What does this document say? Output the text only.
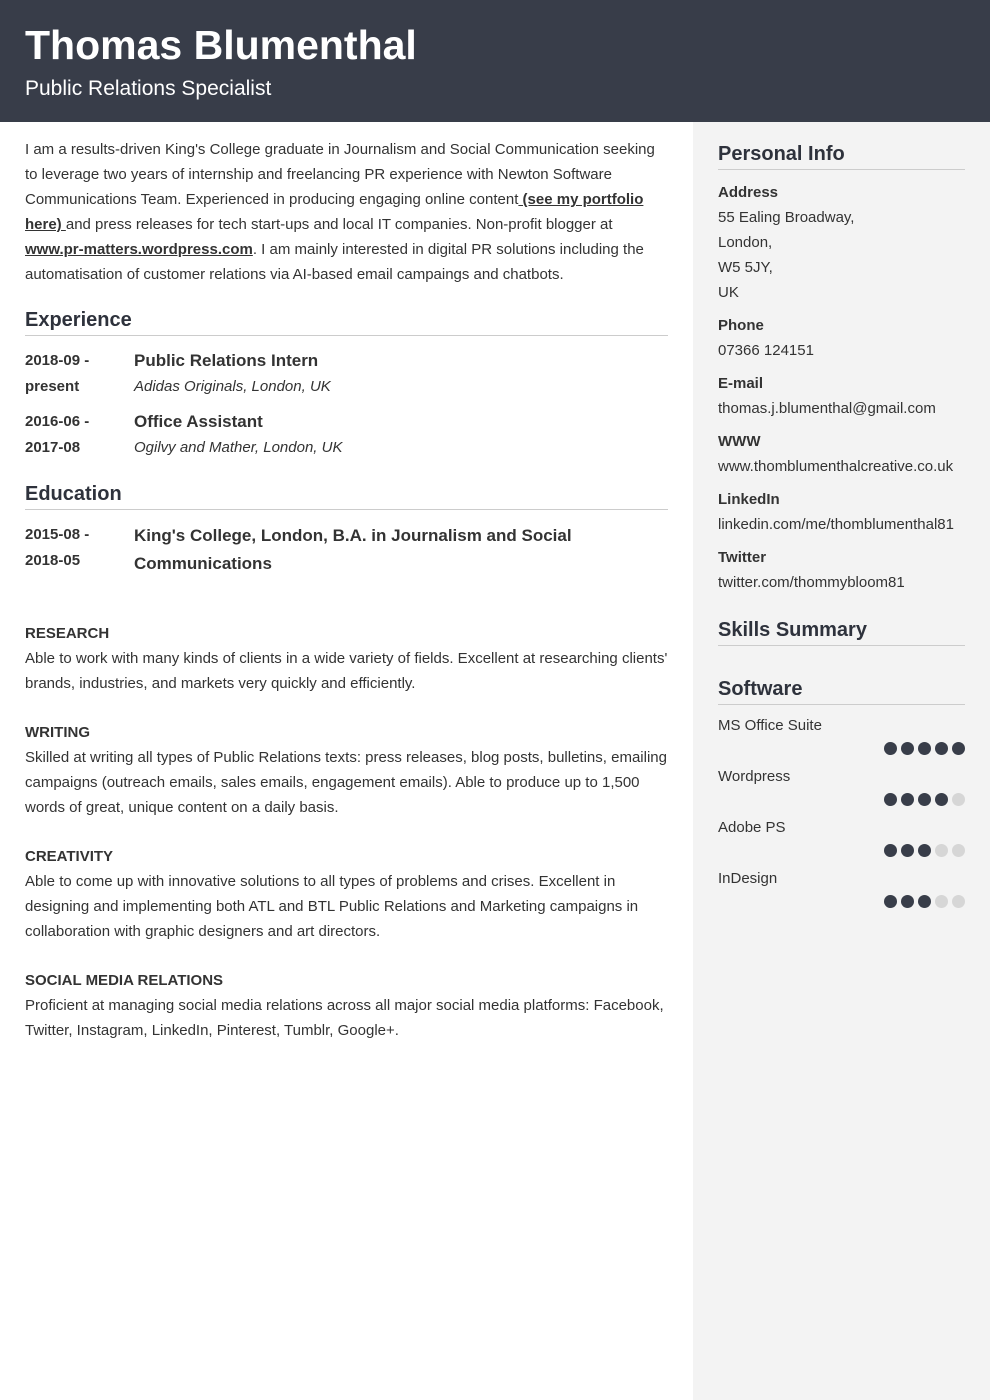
Thomas Blumenthal
Public Relations Specialist

I am a results-driven King's College graduate in Journalism and Social Communication seeking to leverage two years of internship and freelancing PR experience with Newton Software Communications Team. Experienced in producing engaging online content (see my portfolio here) and press releases for tech start-ups and local IT companies. Non-profit blogger at www.pr-matters.wordpress.com. I am mainly interested in digital PR solutions including the automatisation of customer relations via AI-based email campaings and chatbots.

Experience
2018-09 -
present
Public Relations Intern
Adidas Originals, London, UK
2016-06 -
2017-08
Office Assistant
Ogilvy and Mather, London, UK
Education
2015-08 -
2018-05
King's College, London, B.A. in Journalism and Social Communications
RESEARCH
Able to work with many kinds of clients in a wide variety of fields. Excellent at researching clients' brands, industries, and markets very quickly and efficiently.
WRITING
Skilled at writing all types of Public Relations texts: press releases, blog posts, bulletins, emailing campaigns (outreach emails, sales emails, engagement emails). Able to produce up to 1,500 words of great, unique content on a daily basis.
CREATIVITY
Able to come up with innovative solutions to all types of problems and crises. Excellent in designing and implementing both ATL and BTL Public Relations and Marketing campaigns in collaboration with graphic designers and art directors.
SOCIAL MEDIA RELATIONS
Proficient at managing social media relations across all major social media platforms: Facebook, Twitter, Instagram, LinkedIn, Pinterest, Tumblr, Google+.
Personal Info
Address
55 Ealing Broadway,
London,
W5 5JY,
UK
Phone
07366 124151
E-mail
thomas.j.blumenthal@gmail.com
WWW
www.thomblumenthalcreative.co.uk
LinkedIn
linkedin.com/me/thomblumenthal81
Twitter
twitter.com/thommybloom81
Skills Summary
Software
MS Office Suite
Wordpress
Adobe PS
InDesign
